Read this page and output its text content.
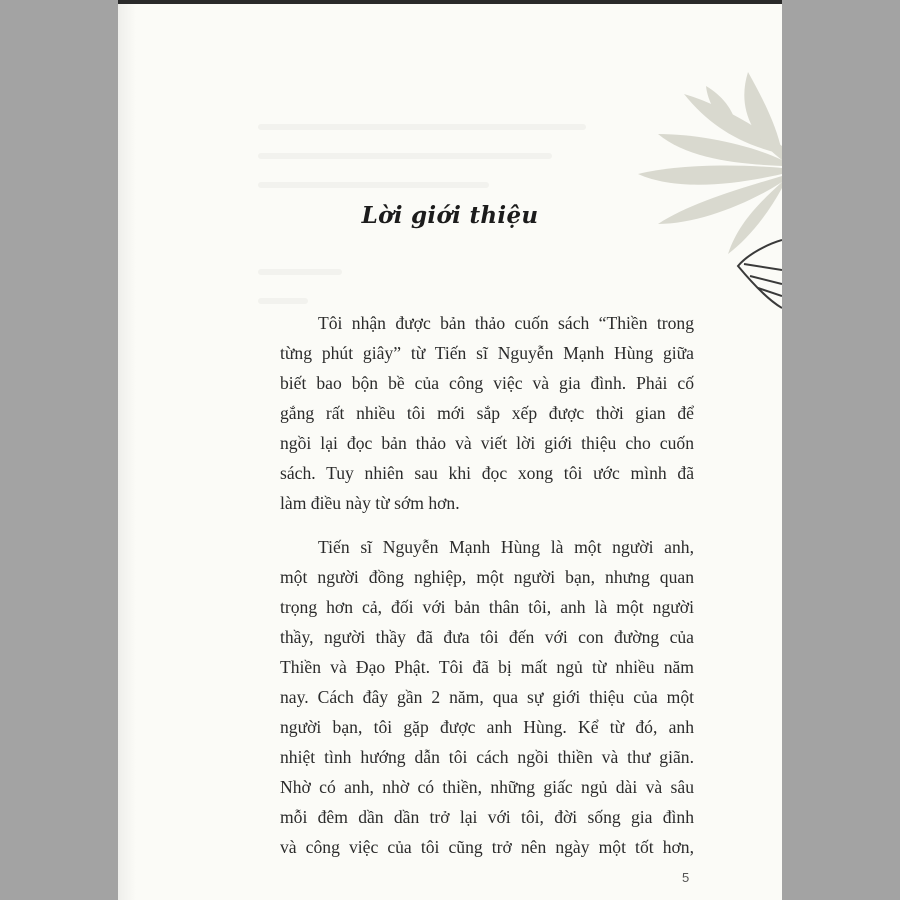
Lời giới thiệu
Tôi nhận được bản thảo cuốn sách “Thiền trong
từng phút giây” từ Tiến sĩ Nguyễn Mạnh Hùng giữa
biết bao bộn bề của công việc và gia đình. Phải cố
gắng rất nhiều tôi mới sắp xếp được thời gian để
ngồi lại đọc bản thảo và viết lời giới thiệu cho cuốn
sách. Tuy nhiên sau khi đọc xong tôi ước mình đã
làm điều này từ sớm hơn.
Tiến sĩ Nguyễn Mạnh Hùng là một người anh,
một người đồng nghiệp, một người bạn, nhưng quan
trọng hơn cả, đối với bản thân tôi, anh là một người
thầy, người thầy đã đưa tôi đến với con đường của
Thiền và Đạo Phật. Tôi đã bị mất ngủ từ nhiều năm
nay. Cách đây gần 2 năm, qua sự giới thiệu của một
người bạn, tôi gặp được anh Hùng. Kể từ đó, anh
nhiệt tình hướng dẫn tôi cách ngồi thiền và thư giãn.
Nhờ có anh, nhờ có thiền, những giấc ngủ dài và sâu
mỗi đêm dần dần trở lại với tôi, đời sống gia đình
và công việc của tôi cũng trở nên ngày một tốt hơn,
5
